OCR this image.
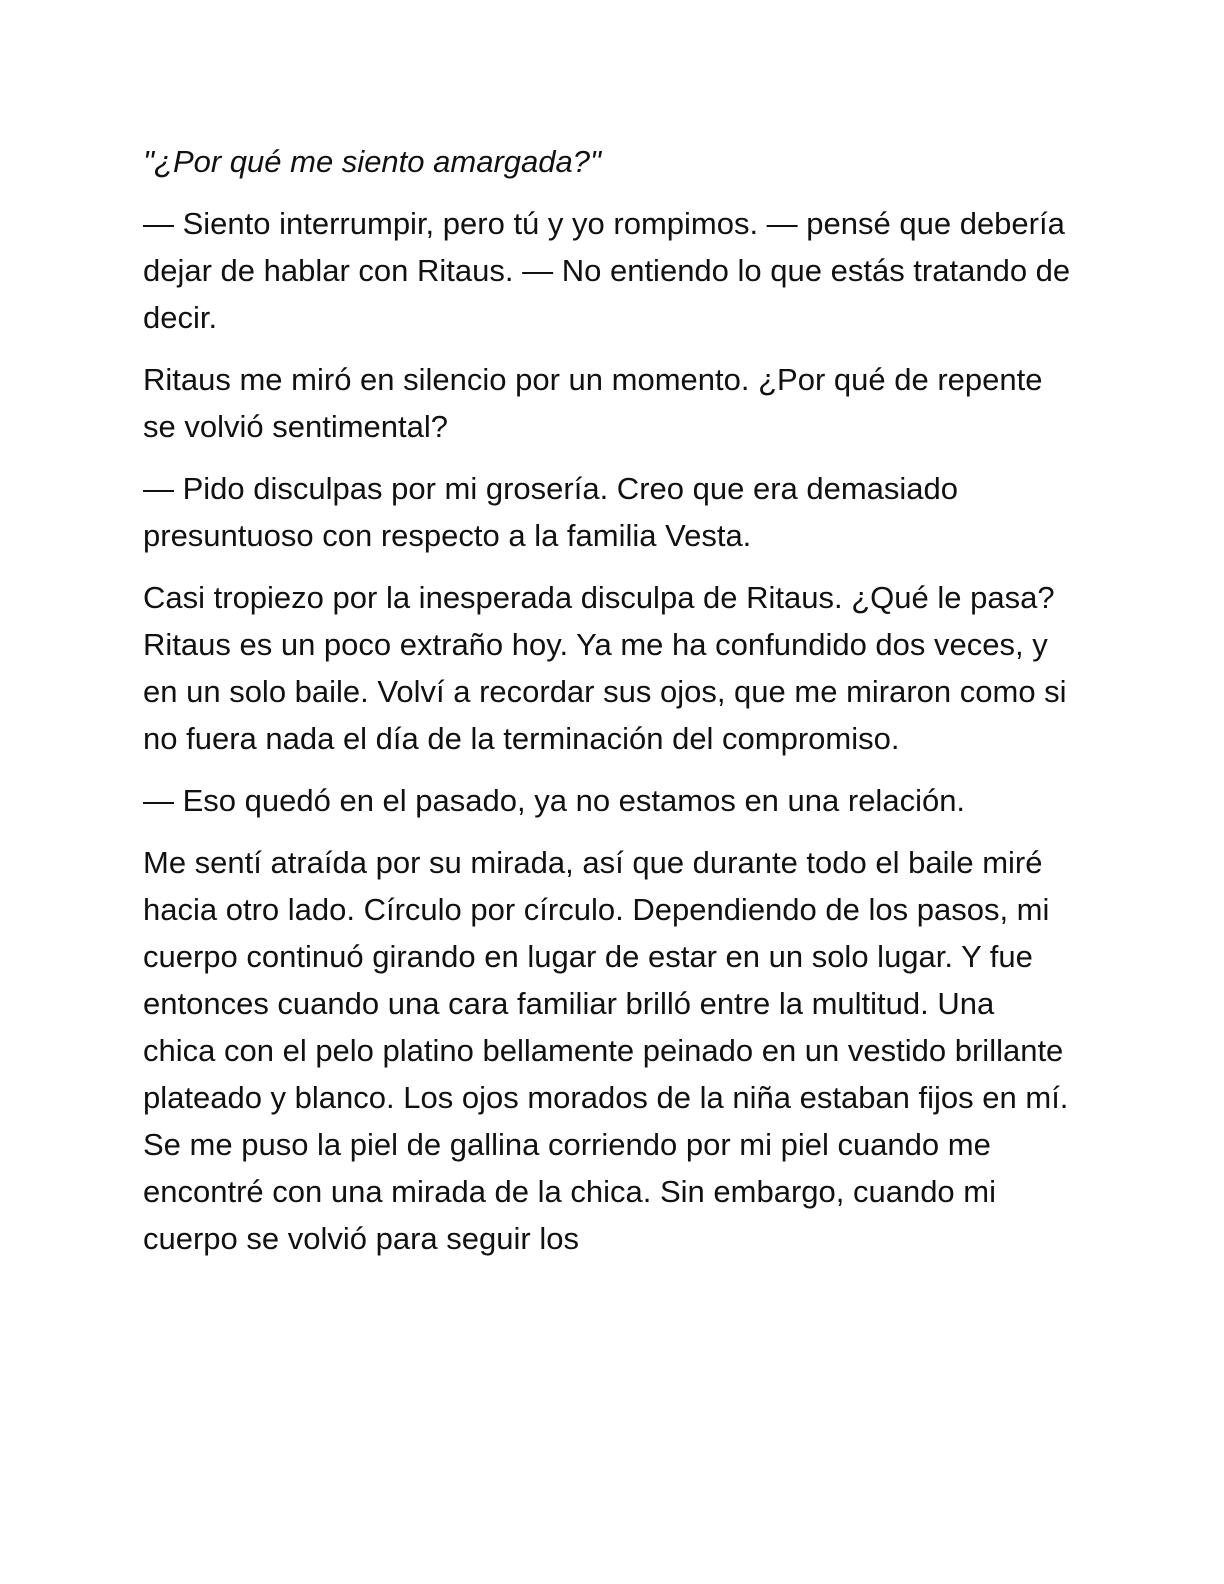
"¿Por qué me siento amargada?"

— Siento interrumpir, pero tú y yo rompimos. — pensé que debería dejar de hablar con Ritaus. — No entiendo lo que estás tratando de decir.

Ritaus me miró en silencio por un momento. ¿Por qué de repente se volvió sentimental?

— Pido disculpas por mi grosería. Creo que era demasiado presuntuoso con respecto a la familia Vesta.

Casi tropiezo por la inesperada disculpa de Ritaus. ¿Qué le pasa? Ritaus es un poco extraño hoy. Ya me ha confundido dos veces, y en un solo baile. Volví a recordar sus ojos, que me miraron como si no fuera nada el día de la terminación del compromiso.

— Eso quedó en el pasado, ya no estamos en una relación.

Me sentí atraída por su mirada, así que durante todo el baile miré hacia otro lado. Círculo por círculo. Dependiendo de los pasos, mi cuerpo continuó girando en lugar de estar en un solo lugar. Y fue entonces cuando una cara familiar brilló entre la multitud. Una chica con el pelo platino bellamente peinado en un vestido brillante plateado y blanco. Los ojos morados de la niña estaban fijos en mí. Se me puso la piel de gallina corriendo por mi piel cuando me encontré con una mirada de la chica. Sin embargo, cuando mi cuerpo se volvió para seguir los
